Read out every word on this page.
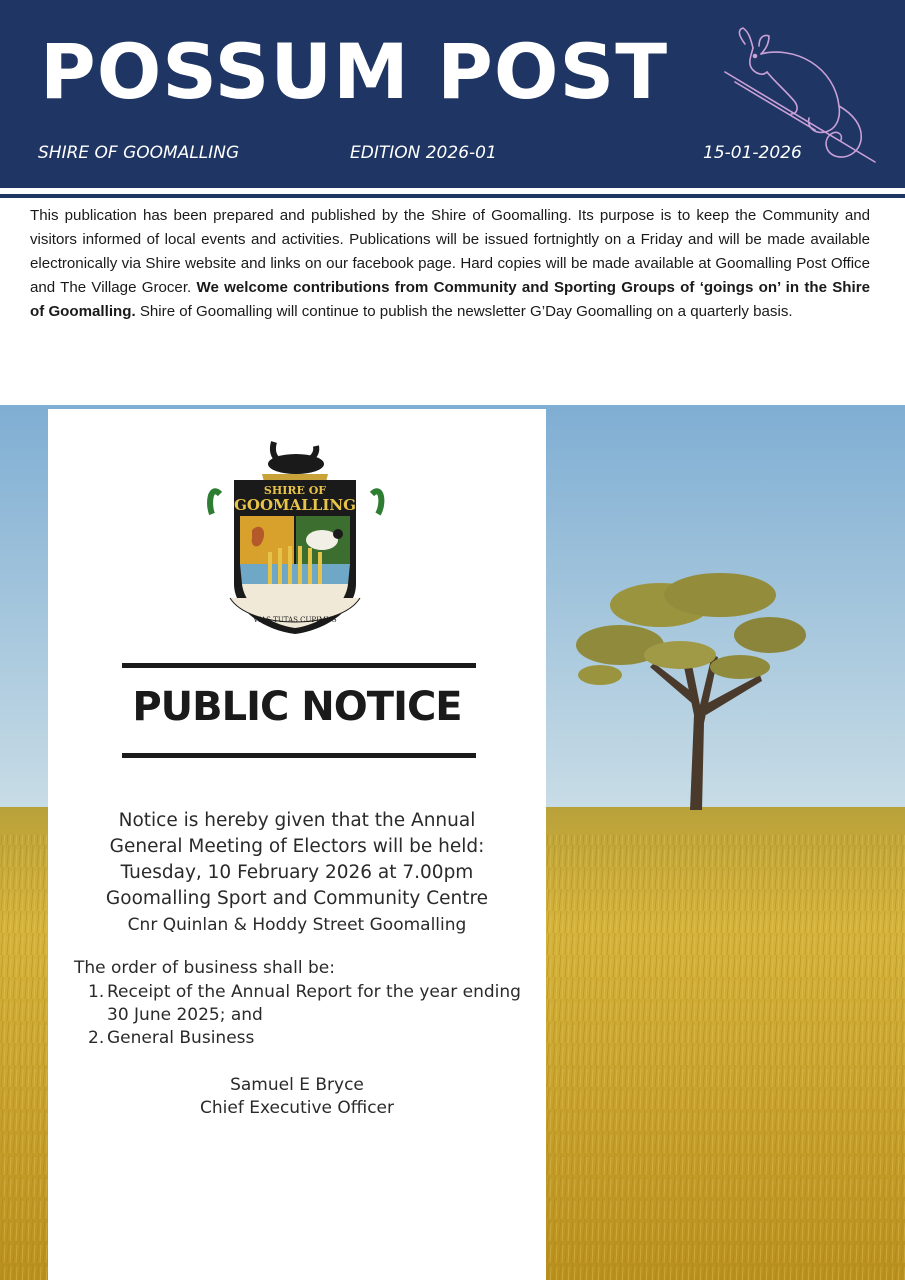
POSSUM POST
SHIRE OF GOOMALLING	EDITION 2026-01	15-01-2026

This publication has been prepared and published by the Shire of Goomalling. Its purpose is to keep the Community and visitors informed of local events and activities. Publications will be issued fortnightly on a Friday and will be made available electronically via Shire website and links on our facebook page. Hard copies will be made available at Goomalling Post Office and The Village Grocer. We welcome contributions from Community and Sporting Groups of ‘goings on’ in the Shire of Goomalling. Shire of Goomalling will continue to publish the newsletter G’Day Goomalling on a quarterly basis.

SHIRE OF
GOOMALLING
VIAS TUTAS CUPIMUS
PUBLIC NOTICE
Notice is hereby given that the Annual
General Meeting of Electors will be held:
Tuesday, 10 February 2026 at 7.00pm
Goomalling Sport and Community Centre
Cnr Quinlan & Hoddy Street Goomalling
The order of business shall be:
1. Receipt of the Annual Report for the year ending 30 June 2025; and
2. General Business
Samuel E Bryce
Chief Executive Officer
